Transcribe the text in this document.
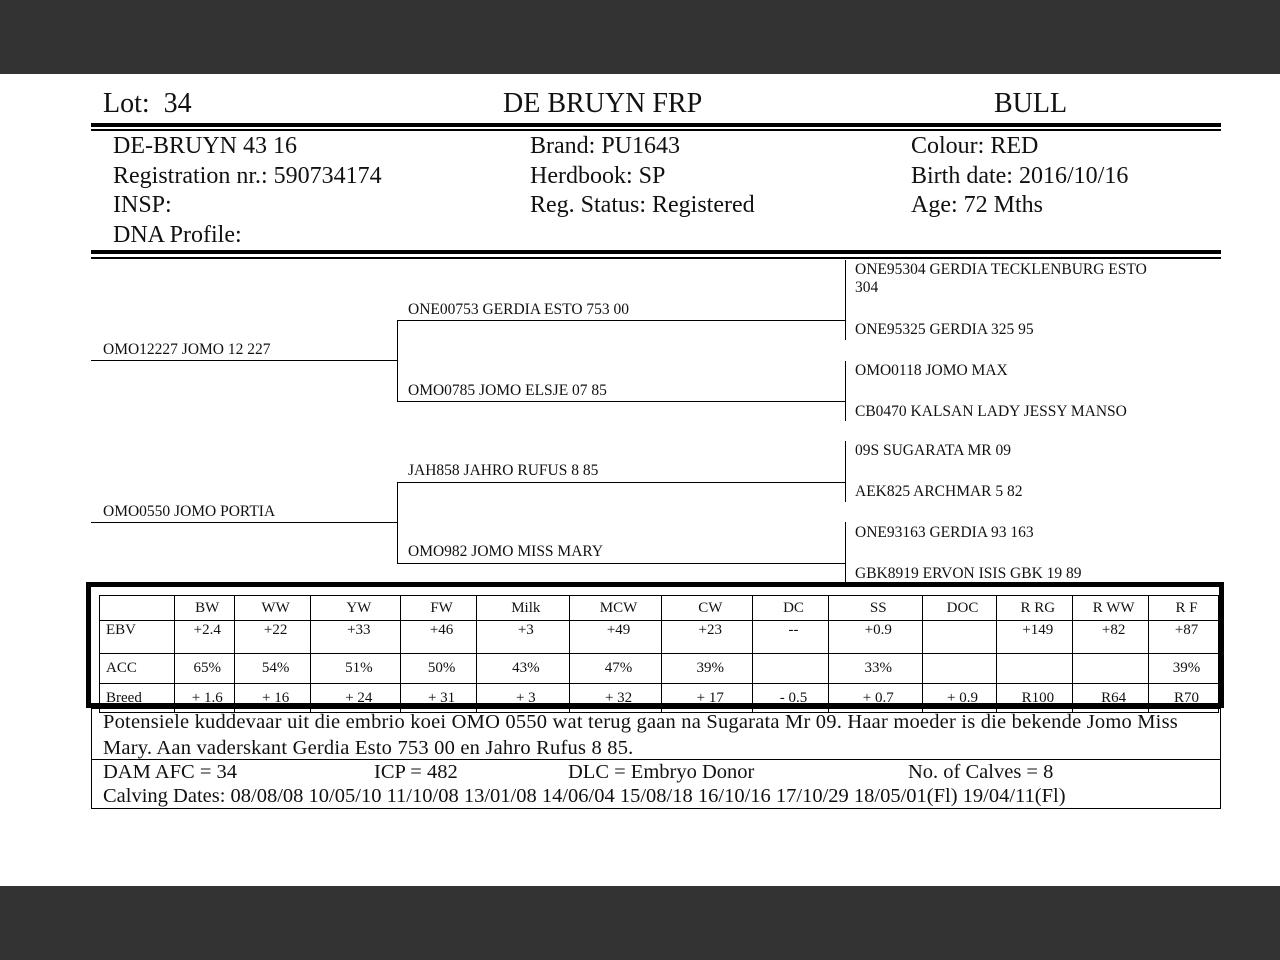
Lot: 34	DE BRUYN FRP	BULL
DE-BRUYN 43 16	Brand: PU1643	Colour: RED
Registration nr.: 590734174	Herdbook: SP	Birth date: 2016/10/16
INSP:	Reg. Status: Registered	Age: 72 Mths
DNA Profile:
OMO12227 JOMO 12 227
OMO0550 JOMO PORTIA
ONE00753 GERDIA ESTO 753 00
OMO0785 JOMO ELSJE 07 85
JAH858 JAHRO RUFUS 8 85
OMO982 JOMO MISS MARY
ONE95304 GERDIA TECKLENBURG ESTO
304
ONE95325 GERDIA 325 95
OMO0118 JOMO MAX
CB0470 KALSAN LADY JESSY MANSO
09S SUGARATA MR 09
AEK825 ARCHMAR 5 82
ONE93163 GERDIA 93 163
GBK8919 ERVON ISIS GBK 19 89
	BW	WW	YW	FW	Milk	MCW	CW	DC	SS	DOC	R RG	R WW	R F
EBV	+2.4	+22	+33	+46	+3	+49	+23	--	+0.9		+149	+82	+87
ACC	65%	54%	51%	50%	43%	47%	39%		33%				39%
Breed	+ 1.6	+ 16	+ 24	+ 31	+ 3	+ 32	+ 17	- 0.5	+ 0.7	+ 0.9	R100	R64	R70
Potensiele kuddevaar uit die embrio koei OMO 0550 wat terug gaan na Sugarata Mr 09. Haar moeder is die bekende Jomo Miss Mary. Aan vaderskant Gerdia Esto 753 00 en Jahro Rufus 8 85.
DAM AFC = 34	ICP = 482	DLC = Embryo Donor	No. of Calves = 8
Calving Dates: 08/08/08 10/05/10 11/10/08 13/01/08 14/06/04 15/08/18 16/10/16 17/10/29 18/05/01(Fl) 19/04/11(Fl)
